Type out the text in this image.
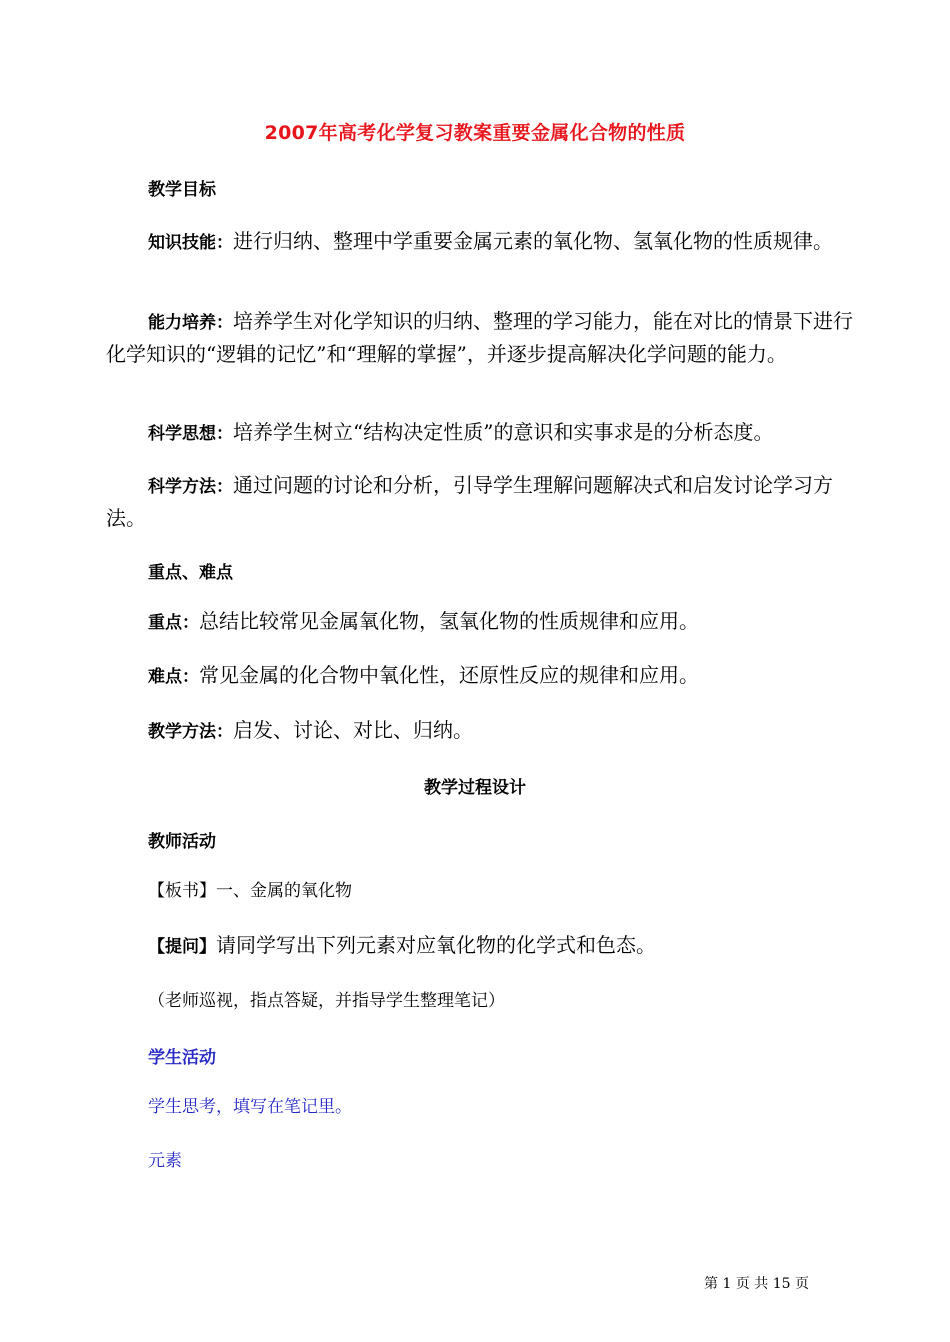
2007年高考化学复习教案重要金属化合物的性质
教学目标
知识技能：进行归纳、整理中学重要金属元素的氧化物、氢氧化物的性质规律。
能力培养：培养学生对化学知识的归纳、整理的学习能力，能在对比的情景下进行化学知识的“逻辑的记忆”和“理解的掌握”，并逐步提高解决化学问题的能力。
科学思想：培养学生树立“结构决定性质”的意识和实事求是的分析态度。
科学方法：通过问题的讨论和分析，引导学生理解问题解决式和启发讨论学习方法。
重点、难点
重点：总结比较常见金属氧化物，氢氧化物的性质规律和应用。
难点：常见金属的化合物中氧化性，还原性反应的规律和应用。
教学方法：启发、讨论、对比、归纳。
教学过程设计
教师活动
【板书】一、金属的氧化物
【提问】请同学写出下列元素对应氧化物的化学式和色态。
（老师巡视，指点答疑，并指导学生整理笔记）
学生活动
学生思考，填写在笔记里。
元素
第 1 页 共 15 页
